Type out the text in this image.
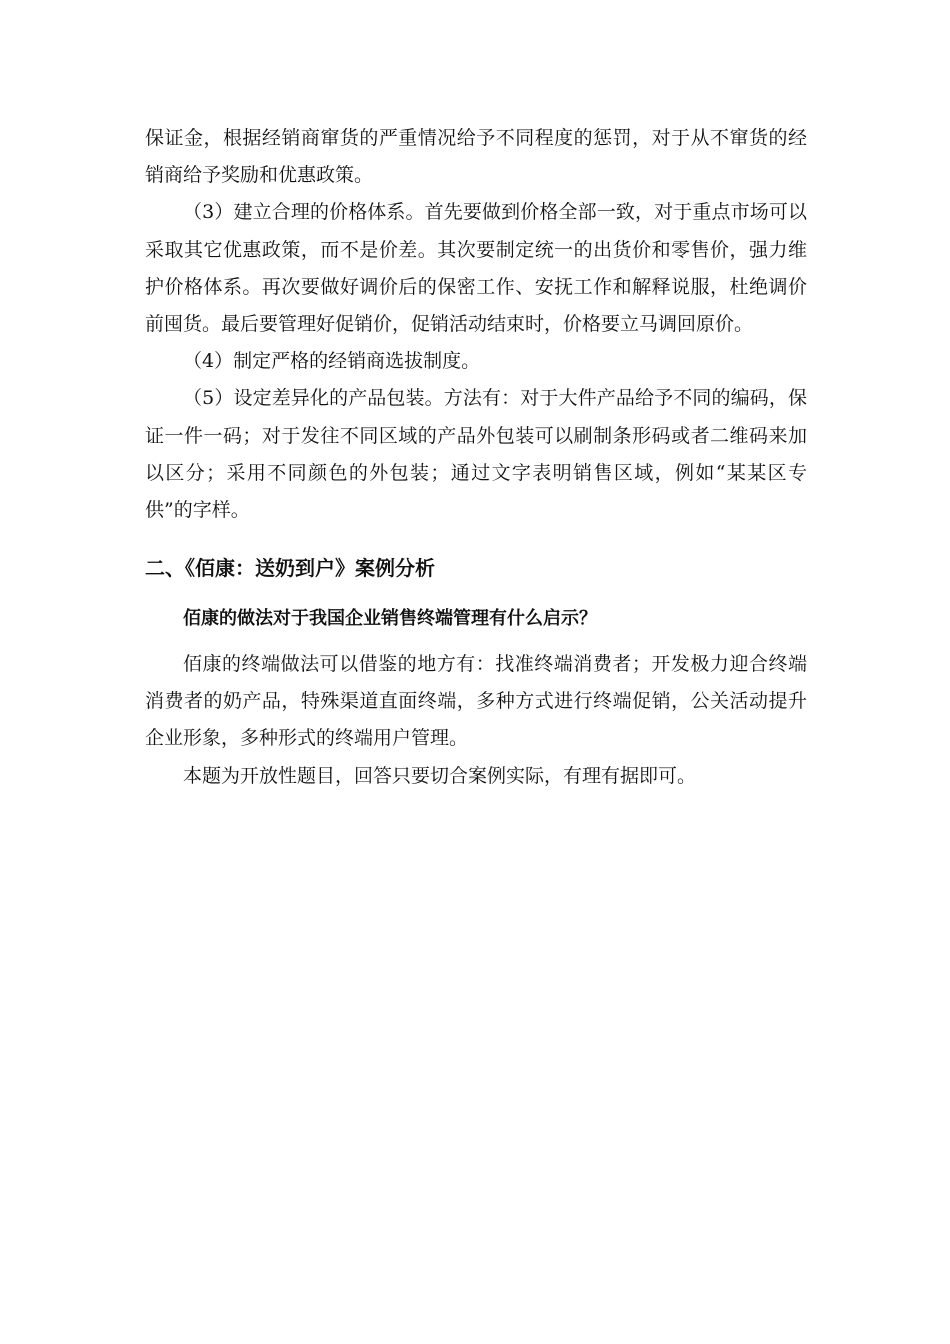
保证金，根据经销商窜货的严重情况给予不同程度的惩罚，对于从不窜货的经销商给予奖励和优惠政策。

（3）建立合理的价格体系。首先要做到价格全部一致，对于重点市场可以采取其它优惠政策，而不是价差。其次要制定统一的出货价和零售价，强力维护价格体系。再次要做好调价后的保密工作、安抚工作和解释说服，杜绝调价前囤货。最后要管理好促销价，促销活动结束时，价格要立马调回原价。

（4）制定严格的经销商选拔制度。

（5）设定差异化的产品包装。方法有：对于大件产品给予不同的编码，保证一件一码；对于发往不同区域的产品外包装可以刷制条形码或者二维码来加以区分；采用不同颜色的外包装；通过文字表明销售区域，例如“某某区专供”的字样。

二、《佰康：送奶到户》案例分析

佰康的做法对于我国企业销售终端管理有什么启示？

佰康的终端做法可以借鉴的地方有：找准终端消费者；开发极力迎合终端消费者的奶产品，特殊渠道直面终端，多种方式进行终端促销，公关活动提升企业形象，多种形式的终端用户管理。

本题为开放性题目，回答只要切合案例实际，有理有据即可。
